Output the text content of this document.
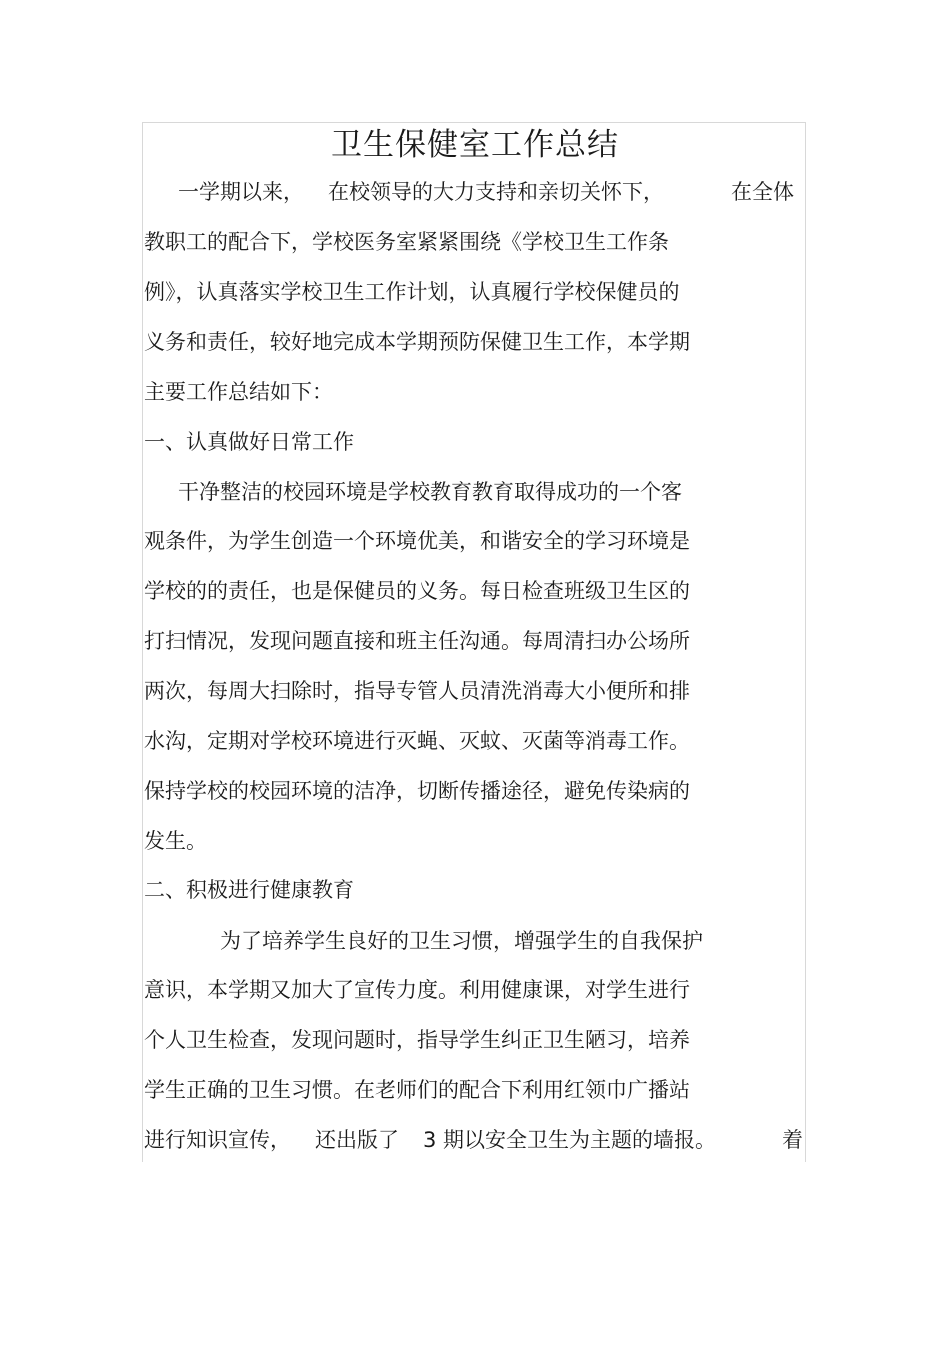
卫生保健室工作总结
一学期以来， 在校领导的大力支持和亲切关怀下，	在全体
教职工的配合下，学校医务室紧紧围绕《学校卫生工作条
例》，认真落实学校卫生工作计划，认真履行学校保健员的
义务和责任，较好地完成本学期预防保健卫生工作，本学期
主要工作总结如下：
一、认真做好日常工作
干净整洁的校园环境是学校教育教育取得成功的一个客
观条件，为学生创造一个环境优美，和谐安全的学习环境是
学校的的责任，也是保健员的义务。每日检查班级卫生区的
打扫情况，发现问题直接和班主任沟通。每周清扫办公场所
两次，每周大扫除时，指导专管人员清洗消毒大小便所和排
水沟，定期对学校环境进行灭蝇、灭蚊、灭菌等消毒工作。
保持学校的校园环境的洁净，切断传播途径，避免传染病的
发生。
二、积极进行健康教育
为了培养学生良好的卫生习惯，增强学生的自我保护
意识，本学期又加大了宣传力度。利用健康课，对学生进行
个人卫生检查，发现问题时，指导学生纠正卫生陋习，培养
学生正确的卫生习惯。在老师们的配合下利用红领巾广播站
进行知识宣传， 还出版了 3 期以安全卫生为主题的墙报。	着
